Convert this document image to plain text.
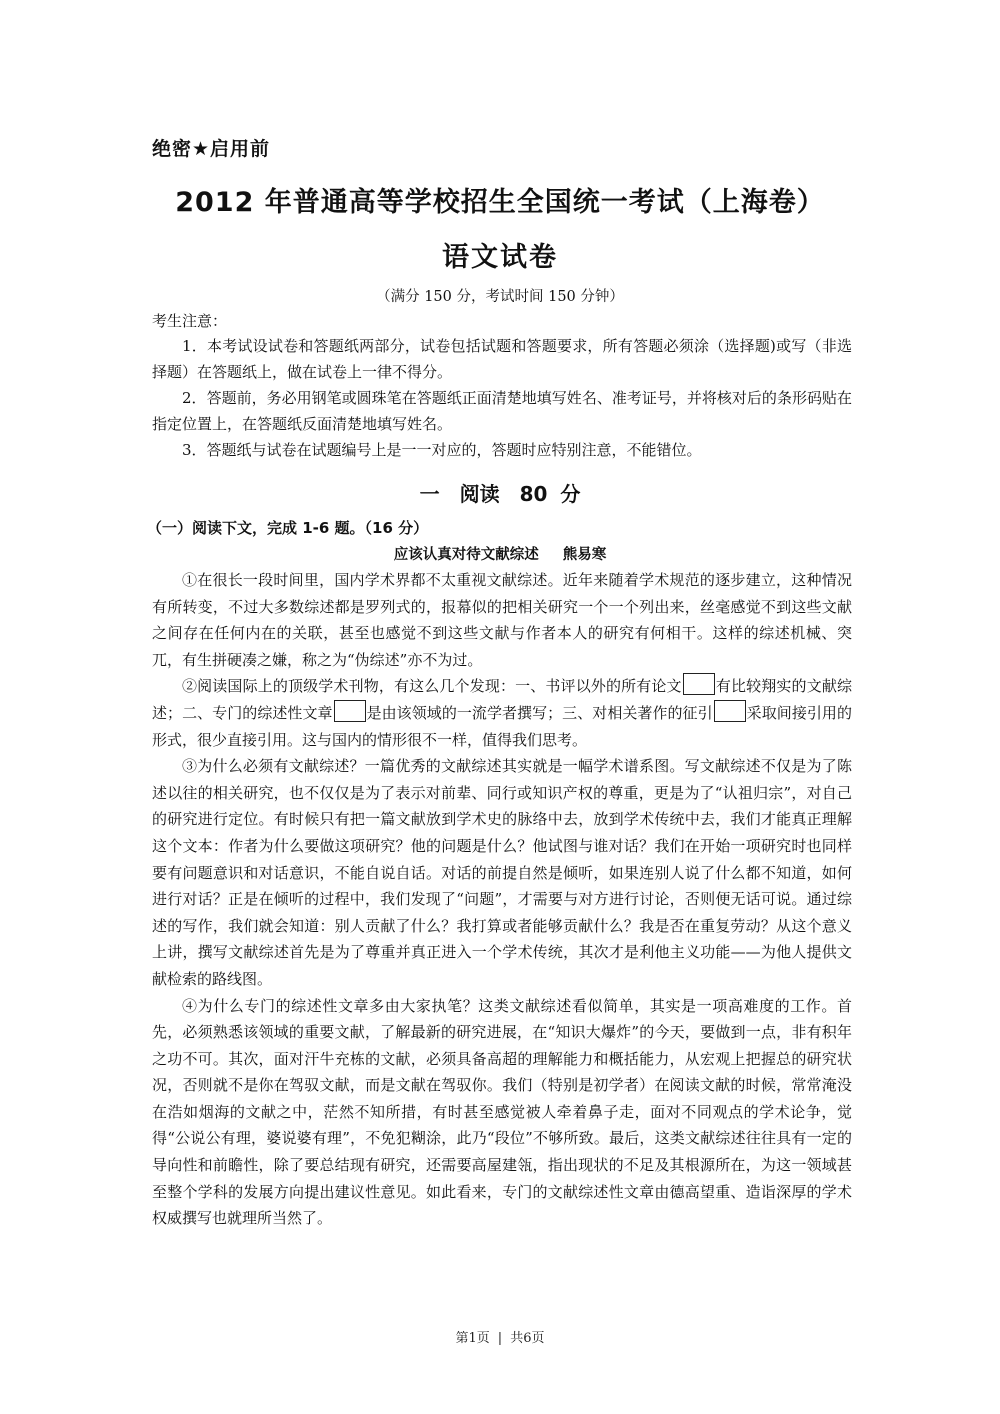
绝密★启用前
2012 年普通高等学校招生全国统一考试（上海卷）
语文试卷
（满分 150 分，考试时间 150 分钟）
考生注意：

1．本考试设试卷和答题纸两部分，试卷包括试题和答题要求，所有答题必须涂（选择题)或写（非选择题）在答题纸上，做在试卷上一律不得分。

2．答题前，务必用钢笔或圆珠笔在答题纸正面清楚地填写姓名、准考证号，并将核对后的条形码贴在指定位置上，在答题纸反面清楚地填写姓名。

3．答题纸与试卷在试题编号上是一一对应的，答题时应特别注意，不能错位。

一　阅读　80 分
（一）阅读下文，完成 1-6 题。（16 分）
应该认真对待文献综述 熊易寒

①在很长一段时间里，国内学术界都不太重视文献综述。近年来随着学术规范的逐步建立，这种情况有所转变，不过大多数综述都是罗列式的，报幕似的把相关研究一个一个列出来，丝毫感觉不到这些文献之间存在任何内在的关联，甚至也感觉不到这些文献与作者本人的研究有何相干。这样的综述机械、突兀，有生拼硬凑之嫌，称之为“伪综述”亦不为过。

②阅读国际上的顶级学术刊物，有这么几个发现：一、书评以外的所有论文 有比较翔实的文献综述；二、专门的综述性文章 是由该领域的一流学者撰写；三、对相关著作的征引 采取间接引用的形式，很少直接引用。这与国内的情形很不一样，值得我们思考。

③为什么必须有文献综述？一篇优秀的文献综述其实就是一幅学术谱系图。写文献综述不仅是为了陈述以往的相关研究，也不仅仅是为了表示对前辈、同行或知识产权的尊重，更是为了“认祖归宗”，对自己的研究进行定位。有时候只有把一篇文献放到学术史的脉络中去，放到学术传统中去，我们才能真正理解这个文本：作者为什么要做这项研究？他的问题是什么？他试图与谁对话？我们在开始一项研究时也同样要有问题意识和对话意识，不能自说自话。对话的前提自然是倾听，如果连别人说了什么都不知道，如何进行对话？正是在倾听的过程中，我们发现了“问题”，才需要与对方进行讨论，否则便无话可说。通过综述的写作，我们就会知道：别人贡献了什么？我打算或者能够贡献什么？我是否在重复劳动？从这个意义上讲，撰写文献综述首先是为了尊重并真正进入一个学术传统，其次才是利他主义功能——为他人提供文献检索的路线图。

④为什么专门的综述性文章多由大家执笔？这类文献综述看似简单，其实是一项高难度的工作。首先，必须熟悉该领域的重要文献，了解最新的研究进展，在“知识大爆炸”的今天，要做到一点，非有积年之功不可。其次，面对汗牛充栋的文献，必须具备高超的理解能力和概括能力，从宏观上把握总的研究状况，否则就不是你在驾驭文献，而是文献在驾驭你。我们（特别是初学者）在阅读文献的时候，常常淹没在浩如烟海的文献之中，茫然不知所措，有时甚至感觉被人牵着鼻子走，面对不同观点的学术论争，觉得“公说公有理，婆说婆有理”，不免犯糊涂，此乃“段位”不够所致。最后，这类文献综述往往具有一定的导向性和前瞻性，除了要总结现有研究，还需要高屋建瓴，指出现状的不足及其根源所在，为这一领域甚至整个学科的发展方向提出建议性意见。如此看来，专门的文献综述性文章由德高望重、造诣深厚的学术权威撰写也就理所当然了。

第1页 | 共6页
